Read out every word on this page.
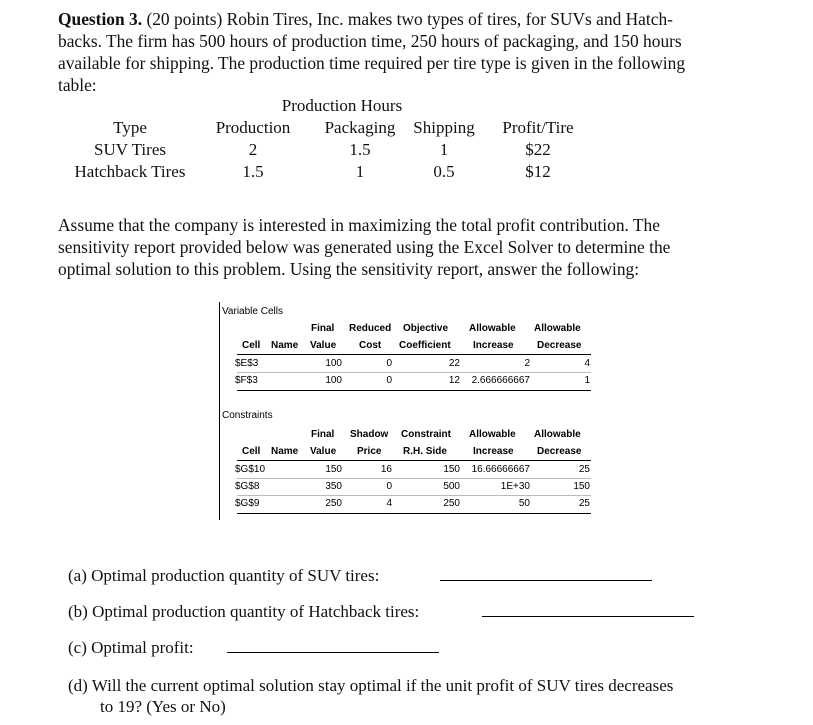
Question 3. (20 points) Robin Tires, Inc. makes two types of tires, for SUVs and Hatch-
backs. The firm has 500 hours of production time, 250 hours of packaging, and 150 hours
available for shipping. The production time required per tire type is given in the following
table:
Production Hours
Type	Production	Packaging	Shipping	Profit/Tire
SUV Tires	2	1.5	1	$22
Hatchback Tires	1.5	1	0.5	$12
Assume that the company is interested in maximizing the total profit contribution. The
sensitivity report provided below was generated using the Excel Solver to determine the
optimal solution to this problem. Using the sensitivity report, answer the following:
Variable Cells
Final Reduced Objective Allowable Allowable
Cell Name Value Cost Coefficient Increase Decrease
$E$3	100	0	22	2	4
$F$3	100	0	12	2.666666667	1
Constraints
Final Shadow Constraint Allowable Allowable
Cell Name Value Price R.H. Side	Increase Decrease
$G$10	150	16	150	16.66666667	25
$G$8	350	0	500	1E+30	150
$G$9	250	4	250	50	25
(a) Optimal production quantity of SUV tires:
(b) Optimal production quantity of Hatchback tires:
(c) Optimal profit:
(d) Will the current optimal solution stay optimal if the unit profit of SUV tires decreases
to 19? (Yes or No)
